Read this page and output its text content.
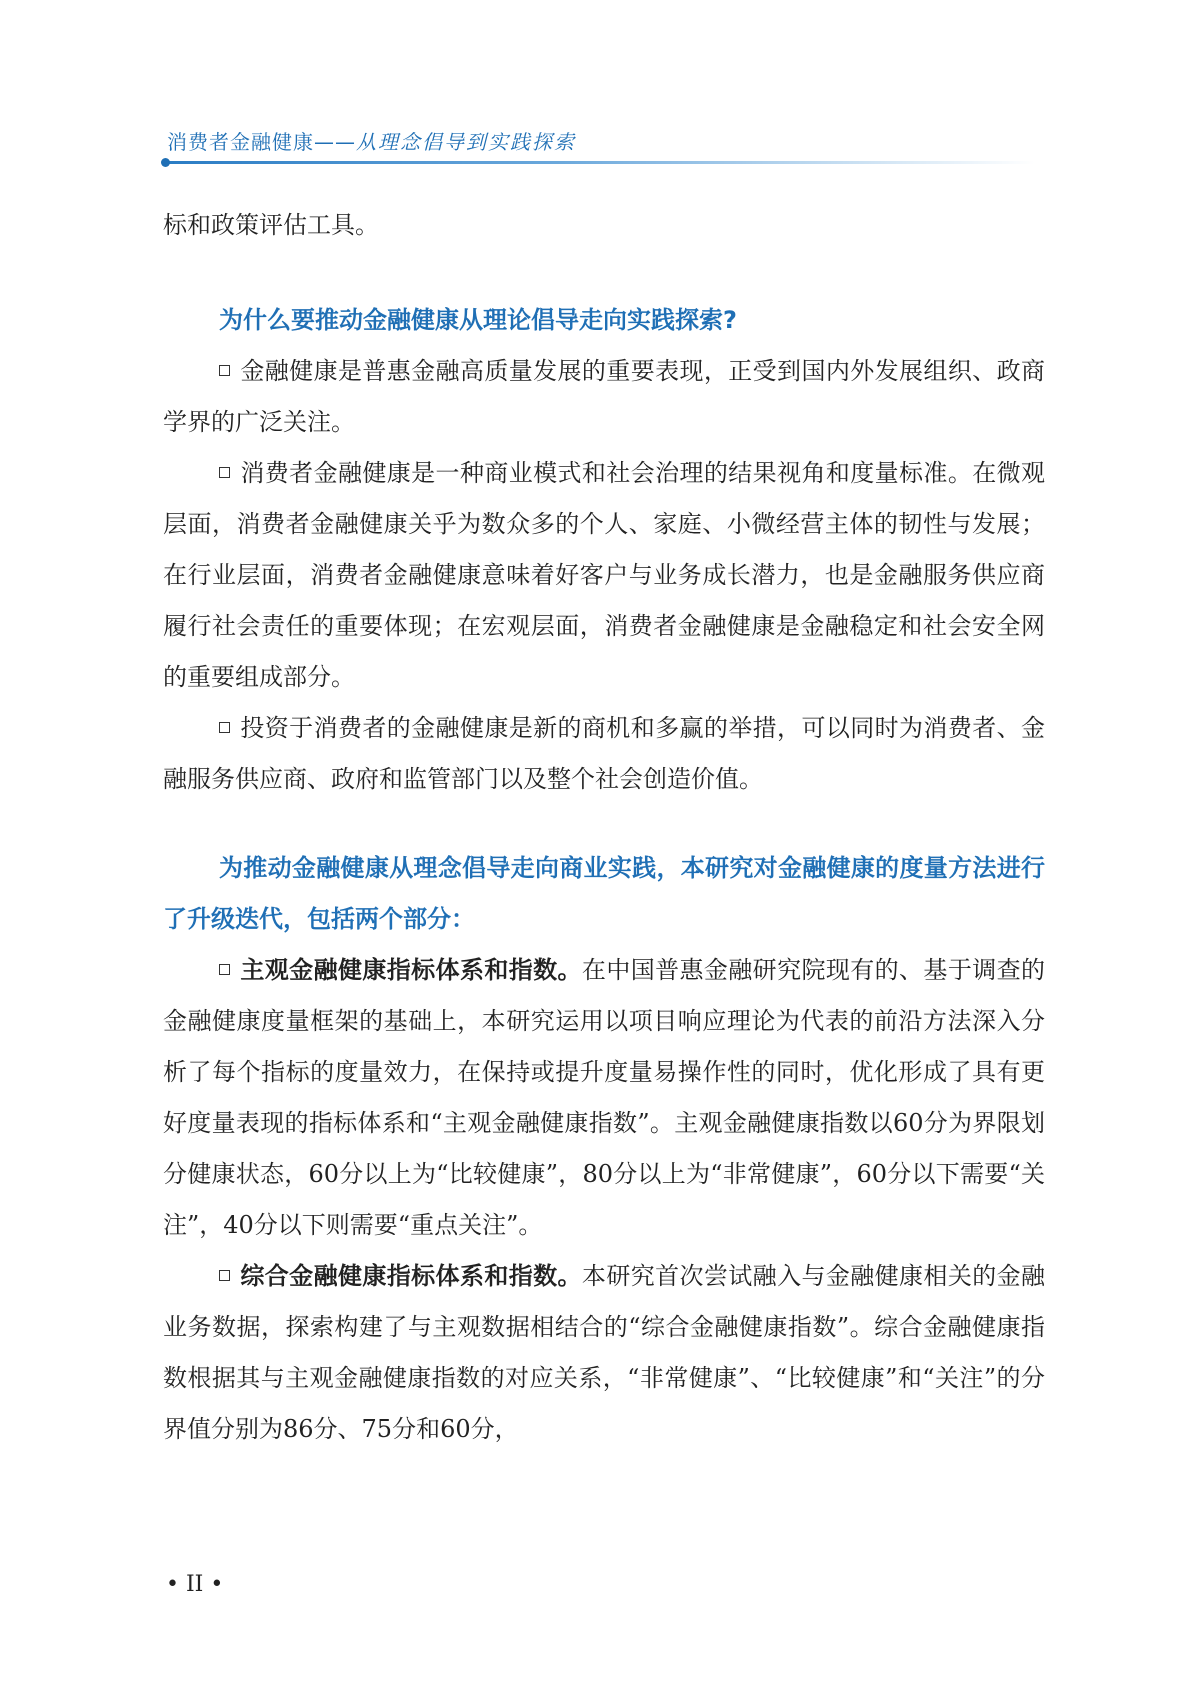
消费者金融健康——从理念倡导到实践探索

标和政策评估工具。

为什么要推动金融健康从理论倡导走向实践探索?

金融健康是普惠金融高质量发展的重要表现，正受到国内外发展组织、政商学界的广泛关注。

消费者金融健康是一种商业模式和社会治理的结果视角和度量标准。在微观层面，消费者金融健康关乎为数众多的个人、家庭、小微经营主体的韧性与发展；在行业层面，消费者金融健康意味着好客户与业务成长潜力，也是金融服务供应商履行社会责任的重要体现；在宏观层面，消费者金融健康是金融稳定和社会安全网的重要组成部分。

投资于消费者的金融健康是新的商机和多赢的举措，可以同时为消费者、金融服务供应商、政府和监管部门以及整个社会创造价值。

为推动金融健康从理念倡导走向商业实践，本研究对金融健康的度量方法进行了升级迭代，包括两个部分：

主观金融健康指标体系和指数。在中国普惠金融研究院现有的、基于调查的金融健康度量框架的基础上，本研究运用以项目响应理论为代表的前沿方法深入分析了每个指标的度量效力，在保持或提升度量易操作性的同时，优化形成了具有更好度量表现的指标体系和“主观金融健康指数”。主观金融健康指数以60分为界限划分健康状态，60分以上为“比较健康”，80分以上为“非常健康”，60分以下需要“关注”，40分以下则需要“重点关注”。

综合金融健康指标体系和指数。本研究首次尝试融入与金融健康相关的金融业务数据，探索构建了与主观数据相结合的“综合金融健康指数”。综合金融健康指数根据其与主观金融健康指数的对应关系，“非常健康”、“比较健康”和“关注”的分界值分别为86分、75分和60分，

• II •
